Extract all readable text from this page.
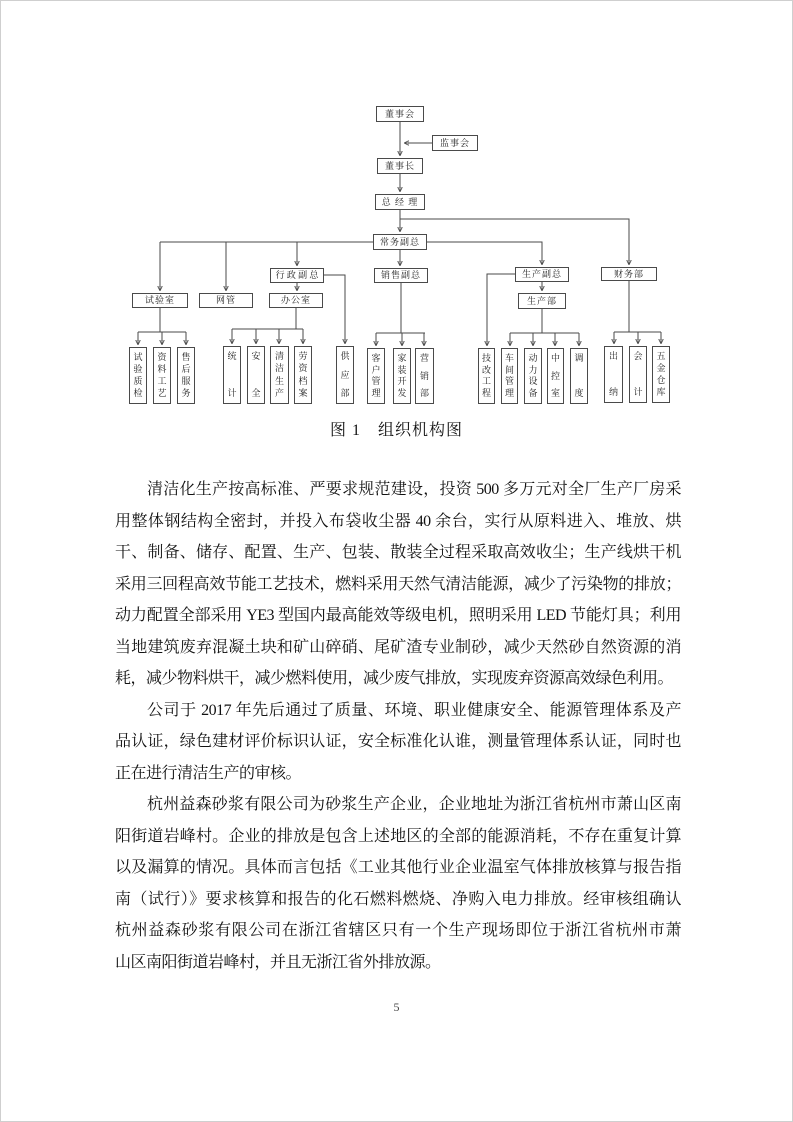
董事会
监事会
董事长
总 经 理
常务副总
行 政 副 总	销售副总	生产副总	财务部
试验室	网管	办公室	生产部
试
验
质
检
资
料
工
艺
售
后
服
务
统
计
安
全
清
洁
生
产
劳
资
档
案
供
应
部
客
户
管
理
家
装
开
发
营
销
部
技
改
工
程
车
间
管
理
动
力
设
备
中
控
室
调
度
出
纳
会
计
五
金
仓
库
图 1　组织机构图
清洁化生产按高标准、严要求规范建设，投资 500 多万元对全厂生产厂房采
用整体钢结构全密封，并投入布袋收尘器 40 余台，实行从原料进入、堆放、烘
干、制备、储存、配置、生产、包装、散装全过程采取高效收尘；生产线烘干机
采用三回程高效节能工艺技术，燃料采用天然气清洁能源，减少了污染物的排放；
动力配置全部采用 YE3 型国内最高能效等级电机，照明采用 LED 节能灯具；利用
当地建筑废弃混凝土块和矿山碎硝、尾矿渣专业制砂，减少天然砂自然资源的消
耗，减少物料烘干，减少燃料使用，减少废气排放，实现废弃资源高效绿色利用。
公司于 2017 年先后通过了质量、环境、职业健康安全、能源管理体系及产
品认证，绿色建材评价标识认证，安全标准化认谁，测量管理体系认证，同时也
正在进行清洁生产的审核。
杭州益森砂浆有限公司为砂浆生产企业，企业地址为浙江省杭州市萧山区南
阳街道岩峰村。企业的排放是包含上述地区的全部的能源消耗，不存在重复计算
以及漏算的情况。具体而言包括《工业其他行业企业温室气体排放核算与报告指
南（试行）》要求核算和报告的化石燃料燃烧、净购入电力排放。经审核组确认
杭州益森砂浆有限公司在浙江省辖区只有一个生产现场即位于浙江省杭州市萧
山区南阳街道岩峰村，并且无浙江省外排放源。
5
